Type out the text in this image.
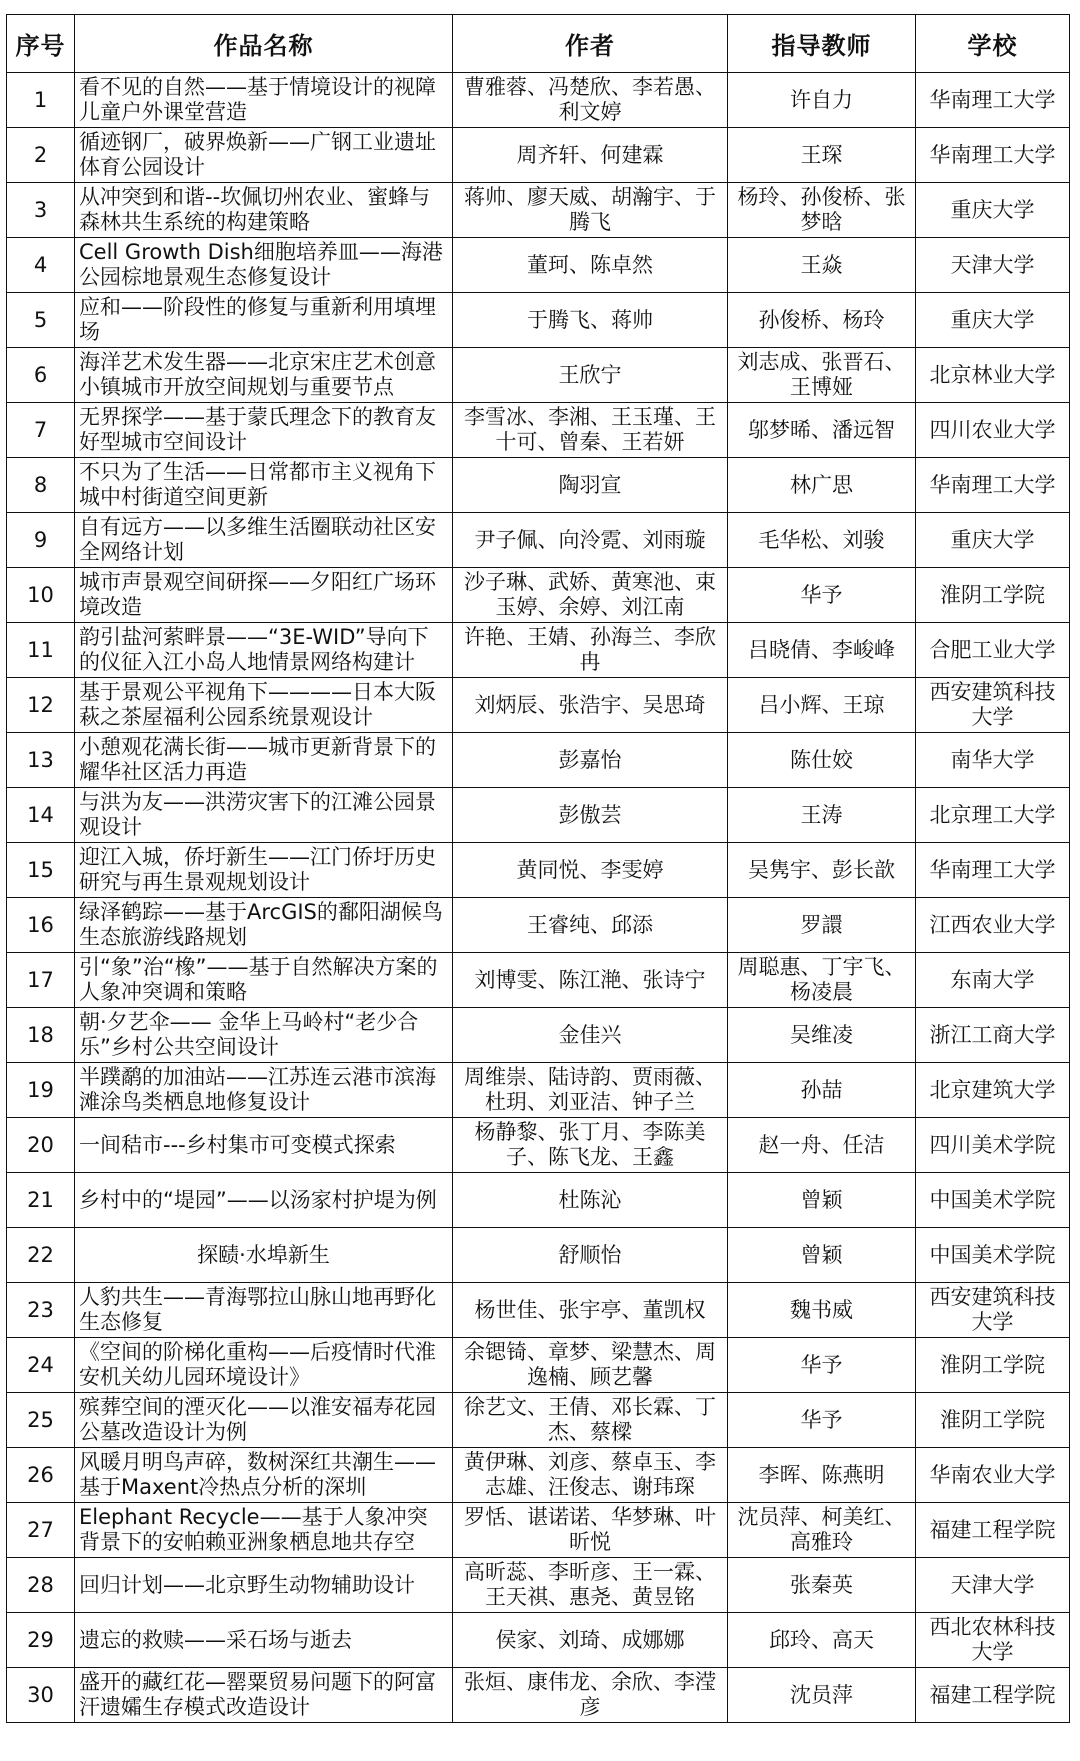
序号	作品名称	作者	指导教师	学校
1	看不见的自然——基于情境设计的视障儿童户外课堂营造	曹雅蓉、冯楚欣、李若愚、利文婷	许自力	华南理工大学
2	循迹钢厂，破界焕新——广钢工业遗址体育公园设计	周齐轩、何建霖	王琛	华南理工大学
3	从冲突到和谐--坎佩切州农业、蜜蜂与森林共生系统的构建策略	蒋帅、廖天威、胡瀚宇、于腾飞	杨玲、孙俊桥、张梦晗	重庆大学
4	Cell Growth Dish细胞培养皿——海港公园棕地景观生态修复设计	董珂、陈卓然	王焱	天津大学
5	应和——阶段性的修复与重新利用填埋场	于腾飞、蒋帅	孙俊桥、杨玲	重庆大学
6	海洋艺术发生器——北京宋庄艺术创意小镇城市开放空间规划与重要节点	王欣宁	刘志成、张晋石、王博娅	北京林业大学
7	无界探学——基于蒙氏理念下的教育友好型城市空间设计	李雪冰、李湘、王玉瑾、王十可、曾秦、王若妍	邬梦晞、潘远智	四川农业大学
8	不只为了生活——日常都市主义视角下城中村街道空间更新	陶羽宣	林广思	华南理工大学
9	自有远方——以多维生活圈联动社区安全网络计划	尹子佩、向泠霓、刘雨璇	毛华松、刘骏	重庆大学
10	城市声景观空间研探——夕阳红广场环境改造	沙子琳、武娇、黄寒池、束玉婷、余婷、刘江南	华予	淮阴工学院
11	韵引盐河萦畔景——“3E-WID”导向下的仪征入江小岛人地情景网络构建计	许艳、王婧、孙海兰、李欣冉	吕晓倩、李峻峰	合肥工业大学
12	基于景观公平视角下————日本大阪萩之茶屋福利公园系统景观设计	刘炳辰、张浩宇、吴思琦	吕小辉、王琼	西安建筑科技大学
13	小憩观花满长街——城市更新背景下的耀华社区活力再造	彭嘉怡	陈仕姣	南华大学
14	与洪为友——洪涝灾害下的江滩公园景观设计	彭傲芸	王涛	北京理工大学
15	迎江入城，侨圩新生——江门侨圩历史研究与再生景观规划设计	黄同悦、李雯婷	吴隽宇、彭长歆	华南理工大学
16	绿泽鹤踪——基于ArcGIS的鄱阳湖候鸟生态旅游线路规划	王睿纯、邱添	罗譞	江西农业大学
17	引“象”治“橡”——基于自然解决方案的人象冲突调和策略	刘博雯、陈江滟、张诗宁	周聪惠、丁宇飞、杨凌晨	东南大学
18	朝·夕艺伞—— 金华上马岭村“老少合乐”乡村公共空间设计	金佳兴	吴维凌	浙江工商大学
19	半蹼鹬的加油站——江苏连云港市滨海滩涂鸟类栖息地修复设计	周维崇、陆诗韵、贾雨薇、杜玥、刘亚洁、钟子兰	孙喆	北京建筑大学
20	一间秸市---乡村集市可变模式探索	杨静黎、张丁月、李陈美子、陈飞龙、王鑫	赵一舟、任洁	四川美术学院
21	乡村中的“堤园”——以汤家村护堤为例	杜陈沁	曾颖	中国美术学院
22	探赜·水埠新生	舒顺怡	曾颖	中国美术学院
23	人豹共生——青海鄂拉山脉山地再野化生态修复	杨世佳、张宇亭、董凯权	魏书威	西安建筑科技大学
24	《空间的阶梯化重构——后疫情时代淮安机关幼儿园环境设计》	余锶锜、章梦、梁慧杰、周逸楠、顾艺馨	华予	淮阴工学院
25	殡葬空间的湮灭化——以淮安福寿花园公墓改造设计为例	徐艺文、王倩、邓长霖、丁杰、蔡樑	华予	淮阴工学院
26	风暖月明鸟声碎，数树深红共潮生——基于Maxent冷热点分析的深圳	黄伊琳、刘彦、蔡卓玉、李志雄、汪俊志、谢玮琛	李晖、陈燕明	华南农业大学
27	Elephant Recycle——基于人象冲突背景下的安帕赖亚洲象栖息地共存空	罗恬、谌诺诺、华梦琳、叶昕悦	沈员萍、柯美红、高雅玲	福建工程学院
28	回归计划——北京野生动物辅助设计	高昕蕊、李昕彦、王一霖、王天祺、惠尧、黄昱铭	张秦英	天津大学
29	遗忘的救赎——采石场与逝去	侯家、刘琦、成娜娜	邱玲、高天	西北农林科技大学
30	盛开的藏红花—罂粟贸易问题下的阿富汗遗孀生存模式改造设计	张烜、康伟龙、余欣、李滢彦	沈员萍	福建工程学院
